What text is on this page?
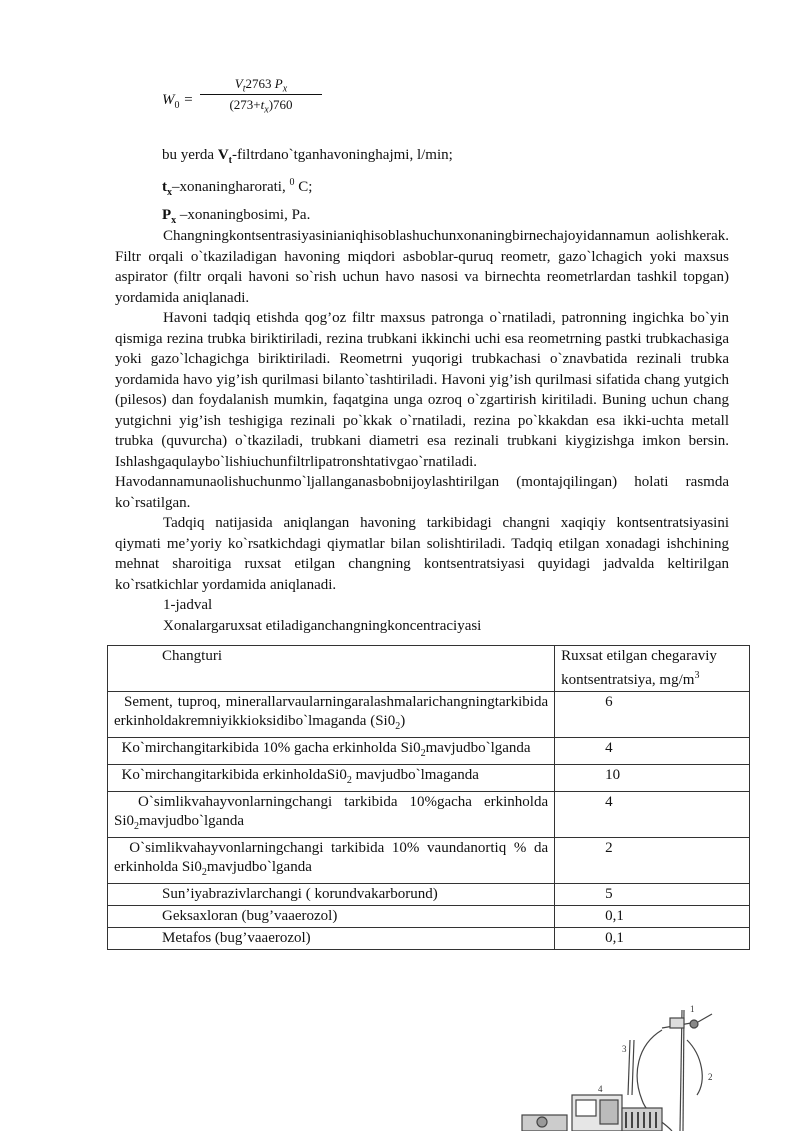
$W_0$ =
$V_t2763$ $P_x$
$(273+t_x)760$
bu yerda $V_t-filtrdano`tganhavoninghajmi$, l/min;
$t_x$–xonaningharorati, $^0$ C;
$P_x$ –xonaningbosimi, Pa.

Changningkontsentrasiyasinianiqhisoblashuchunxonaningbirnechajoyidannamun aolishkerak. Filtr orqali o`tkaziladigan havoning miqdori asboblar-quruq reometr, gazo`lchagich yoki maxsus aspirator (filtr orqali havoni so`rish uchun havo nasosi va birnechta reometrlardan tashkil topgan) yordamida aniqlanadi.

Havoni tadqiq etishda qog’oz filtr maxsus patronga o`rnatiladi, patronning ingichka bo`yin qismiga rezina trubka biriktiriladi, rezina trubkani ikkinchi uchi esa reometrning pastki trubkachasiga yoki gazo`lchagichga biriktiriladi. Reometrni yuqorigi trubkachasi o`znavbatida rezinali trubka yordamida havo yig’ish qurilmasi bilanto`tashtiriladi. Havoni yig’ish qurilmasi sifatida chang yutgich (pilesos) dan foydalanish mumkin, faqatgina unga ozroq o`zgartirish kiritiladi. Buning uchun chang yutgichni yig’ish teshigiga rezinali po`kkak o`rnatiladi, rezina po`kkakdan esa ikki-uchta metall trubka (quvurcha) o`tkaziladi, trubkani diametri esa rezinali trubkani kiygizishga imkon bersin. Ishlashgaqulaybo`lishiuchunfiltrlipatronshtativgao`rnatiladi. Havodannamunaolishuchunmo`ljallanganasbobnijoylashtirilgan (montajqilingan) holati rasmda ko`rsatilgan.

Tadqiq natijasida aniqlangan havoning tarkibidagi changni xaqiqiy kontsentratsiyasini qiymati me’yoriy ko`rsatkichdagi qiymatlar bilan solishtiriladi. Tadqiq etilgan xonadagi ishchining mehnat sharoitiga ruxsat etilgan changning kontsentratsiyasi quyidagi jadvalda keltirilgan ko`rsatkichlar yordamida aniqlanadi.

1-jadval
Xonalargaruxsat etiladiganchangningkoncentraciyasi
Changturi	Ruxsat etilgan chegaraviy kontsentratsiya, $mg/m^3$
Sement, tuproq, minerallarvaularningaralashmalarichangningtarkibida erkinholdakremniyikkioksidibo`lmaganda $(Si0_2)$	6
Ko`mirchangitarkibida 10% gacha erkinholda $Si0_2mavjudbo`lganda$	4
Ko`mirchangitarkibida $erkinholdaSi0_2$ mavjudbo`lmaganda	10
O`simlikvahayvonlarningchangi tarkibida 10%gacha erkinholda $Si0_2mavjudbo`lganda$	4
O`simlikvahayvonlarningchangi tarkibida 10% vaundanortiq % da erkinholda $Si0_2mavjudbo`lganda$	2
Sun’iyabrazivlarchangi ( korundvakarborund)	5
Geksaxloran (bug’vaaerozol)	0,1
Metafos (bug’vaaerozol)	0,1
1
2
3
4
